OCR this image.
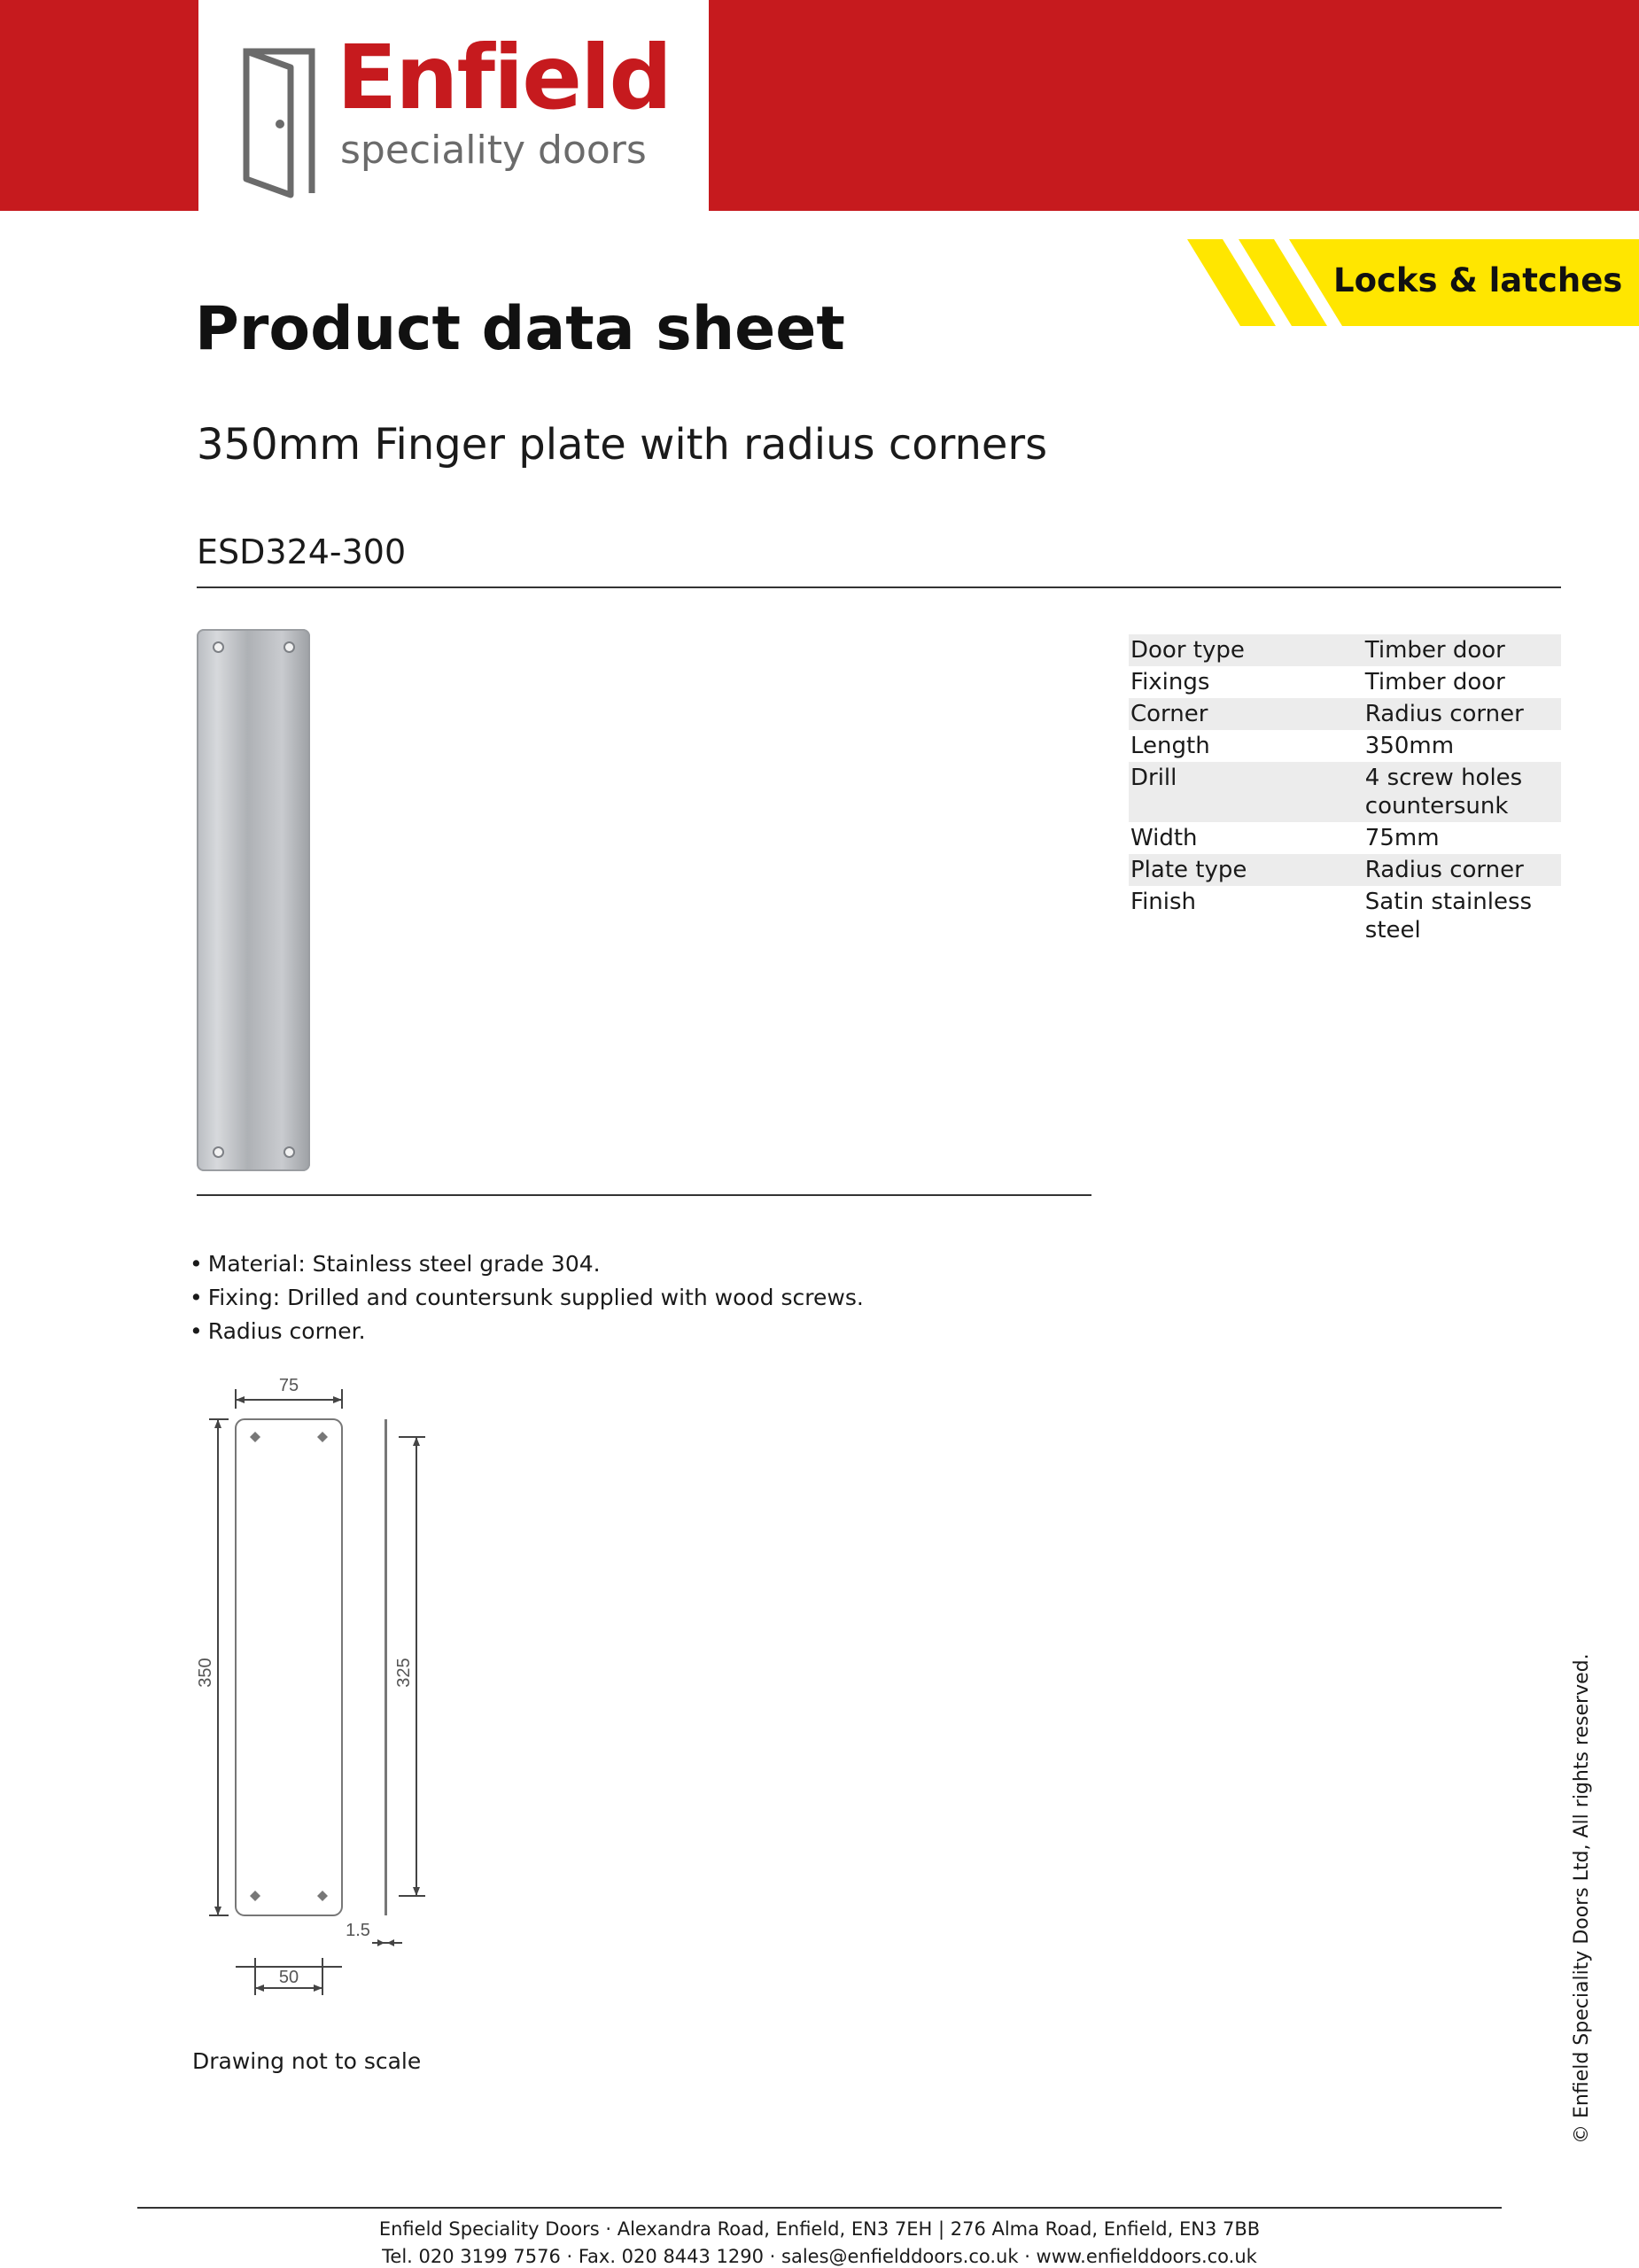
Enfield
speciality doors
Locks & latches
Product data sheet
350mm Finger plate with radius corners
ESD324-300
Door type	Timber door
Fixings	Timber door
Corner	Radius corner
Length	350mm
Drill	4 screw holes countersunk
Width	75mm
Plate type	Radius corner
Finish	Satin stainless steel
• Material: Stainless steel grade 304.
• Fixing: Drilled and countersunk supplied with wood screws.
• Radius corner.
75
350	325
1.5
50
Drawing not to scale	© Enfield Speciality Doors Ltd, All rights reserved.
Enfield Speciality Doors · Alexandra Road, Enfield, EN3 7EH | 276 Alma Road, Enfield, EN3 7BB
Tel. 020 3199 7576 · Fax. 020 8443 1290 · sales@enfielddoors.co.uk · www.enfielddoors.co.uk
